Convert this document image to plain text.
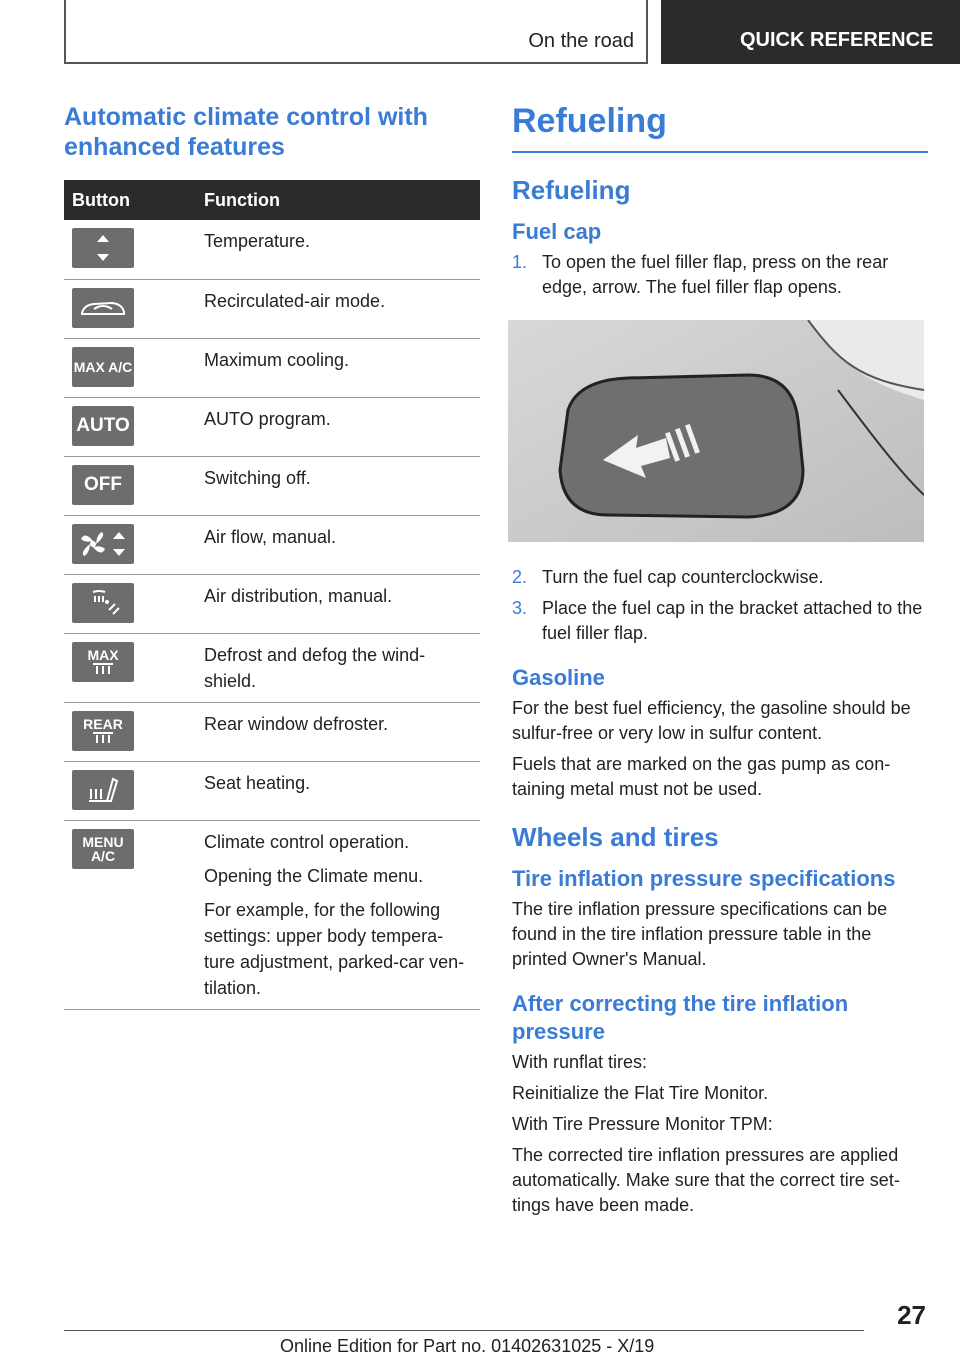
On the road	QUICK REFERENCE
Automatic climate control with enhanced features
Button	Function

Temperature.

Recirculated-air mode.

MAX A/C	Maximum cooling.

AUTO	AUTO program.

OFF	Switching off.

Air flow, manual.

Air distribution, manual.

MAX	Defrost and defog the wind-shield.

REAR	Rear window defroster.

Seat heating.

MENU A/C	Climate control operation.

Opening the Climate menu.

For example, for the following settings: upper body tempera-ture adjustment, parked-car ven-tilation.

Refueling
Refueling
Fuel cap
1. To open the fuel filler flap, press on the rear edge, arrow. The fuel filler flap opens.
2. Turn the fuel cap counterclockwise.
3. Place the fuel cap in the bracket attached to the fuel filler flap.
Gasoline

For the best fuel efficiency, the gasoline should be sulfur-free or very low in sulfur content.

Fuels that are marked on the gas pump as con-taining metal must not be used.

Wheels and tires
Tire inflation pressure specifications

The tire inflation pressure specifications can be found in the tire inflation pressure table in the printed Owner's Manual.

After correcting the tire inflation pressure

With runflat tires:

Reinitialize the Flat Tire Monitor.

With Tire Pressure Monitor TPM:

The corrected tire inflation pressures are applied automatically. Make sure that the correct tire set-tings have been made.

27
Online Edition for Part no. 01402631025 - X/19
